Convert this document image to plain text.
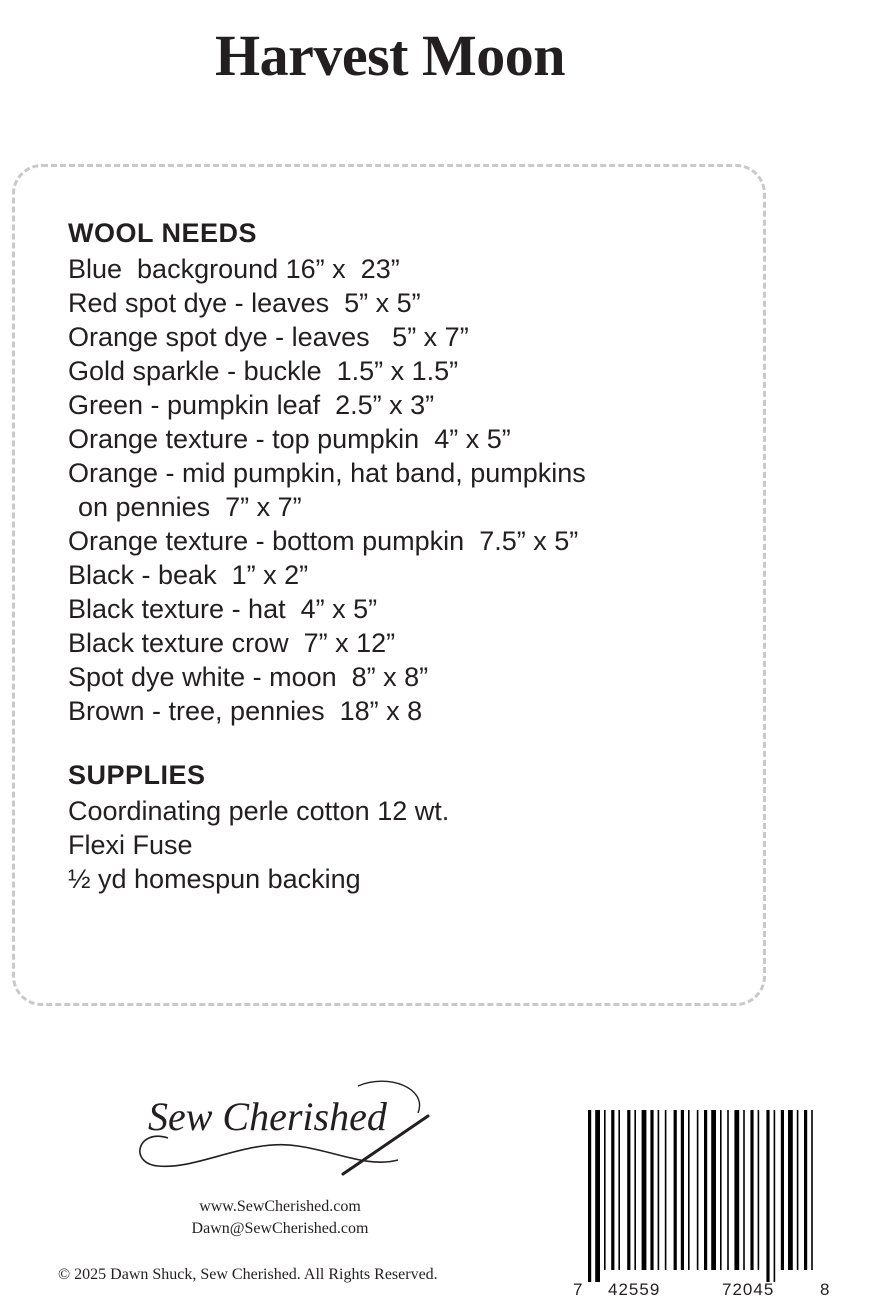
Harvest Moon
WOOL NEEDS
Blue  background 16” x  23”
Red spot dye - leaves  5” x 5”
Orange spot dye - leaves   5” x 7”
Gold sparkle - buckle  1.5” x 1.5”
Green - pumpkin leaf  2.5” x 3”
Orange texture - top pumpkin  4” x 5”
Orange - mid pumpkin, hat band, pumpkins
on pennies  7” x 7”
Orange texture - bottom pumpkin  7.5” x 5”
Black - beak  1” x 2”
Black texture - hat  4” x 5”
Black texture crow  7” x 12”
Spot dye white - moon  8” x 8”
Brown - tree, pennies  18” x 8
SUPPLIES
Coordinating perle cotton 12 wt.
Flexi Fuse
½ yd homespun backing
Sew Cherished
www.SewCherished.com
Dawn@SewCherished.com
© 2025 Dawn Shuck, Sew Cherished. All Rights Reserved.
7 42559	72045	8
